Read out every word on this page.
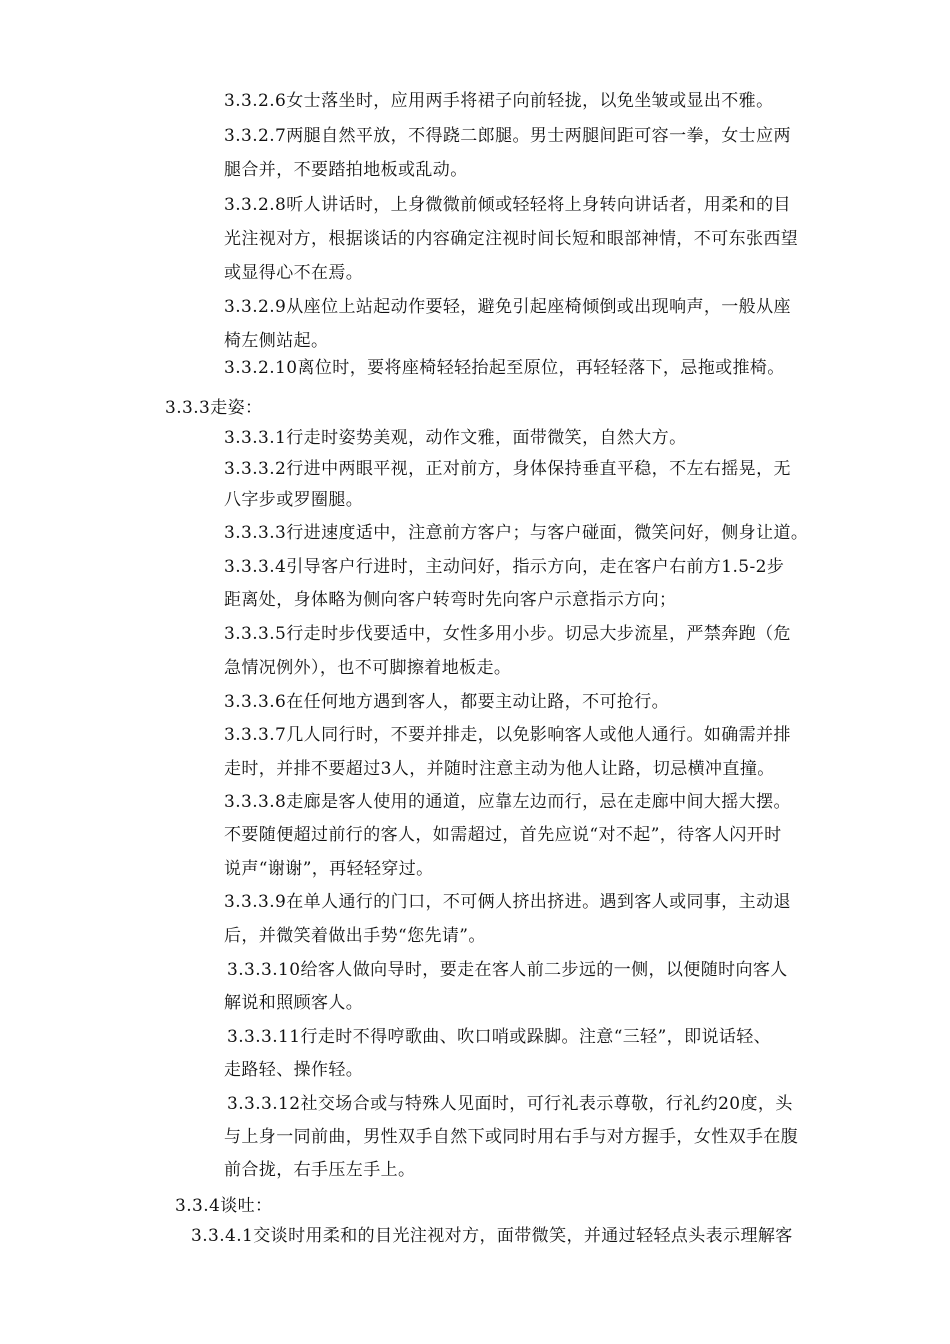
3.3.2.6女士落坐时，应用两手将裙子向前轻拢，以免坐皱或显出不雅。
3.3.2.7两腿自然平放，不得跷二郎腿。男士两腿间距可容一拳，女士应两
腿合并，不要踏拍地板或乱动。
3.3.2.8听人讲话时，上身微微前倾或轻轻将上身转向讲话者，用柔和的目
光注视对方，根据谈话的内容确定注视时间长短和眼部神情，不可东张西望
或显得心不在焉。
3.3.2.9从座位上站起动作要轻，避免引起座椅倾倒或出现响声，一般从座
椅左侧站起。
3.3.2.10离位时，要将座椅轻轻抬起至原位，再轻轻落下，忌拖或推椅。
3.3.3走姿：
3.3.3.1行走时姿势美观，动作文雅，面带微笑，自然大方。
3.3.3.2行进中两眼平视，正对前方，身体保持垂直平稳，不左右摇晃，无
八字步或罗圈腿。
3.3.3.3行进速度适中，注意前方客户；与客户碰面，微笑问好，侧身让道。
3.3.3.4引导客户行进时，主动问好，指示方向，走在客户右前方1.5-2步
距离处，身体略为侧向客户转弯时先向客户示意指示方向；
3.3.3.5行走时步伐要适中，女性多用小步。切忌大步流星，严禁奔跑（危
急情况例外），也不可脚擦着地板走。
3.3.3.6在任何地方遇到客人，都要主动让路，不可抢行。
3.3.3.7几人同行时，不要并排走，以免影响客人或他人通行。如确需并排
走时，并排不要超过3人，并随时注意主动为他人让路，切忌横冲直撞。
3.3.3.8走廊是客人使用的通道，应靠左边而行，忌在走廊中间大摇大摆。
不要随便超过前行的客人，如需超过，首先应说“对不起”，待客人闪开时
说声“谢谢”，再轻轻穿过。
3.3.3.9在单人通行的门口，不可俩人挤出挤进。遇到客人或同事，主动退
后，并微笑着做出手势“您先请”。
3.3.3.10给客人做向导时，要走在客人前二步远的一侧，以便随时向客人
解说和照顾客人。
3.3.3.11行走时不得哼歌曲、吹口哨或跺脚。注意“三轻”，即说话轻、
走路轻、操作轻。
3.3.3.12社交场合或与特殊人见面时，可行礼表示尊敬，行礼约20度，头
与上身一同前曲，男性双手自然下或同时用右手与对方握手，女性双手在腹
前合拢，右手压左手上。
3.3.4谈吐：
3.3.4.1交谈时用柔和的目光注视对方，面带微笑，并通过轻轻点头表示理解客
